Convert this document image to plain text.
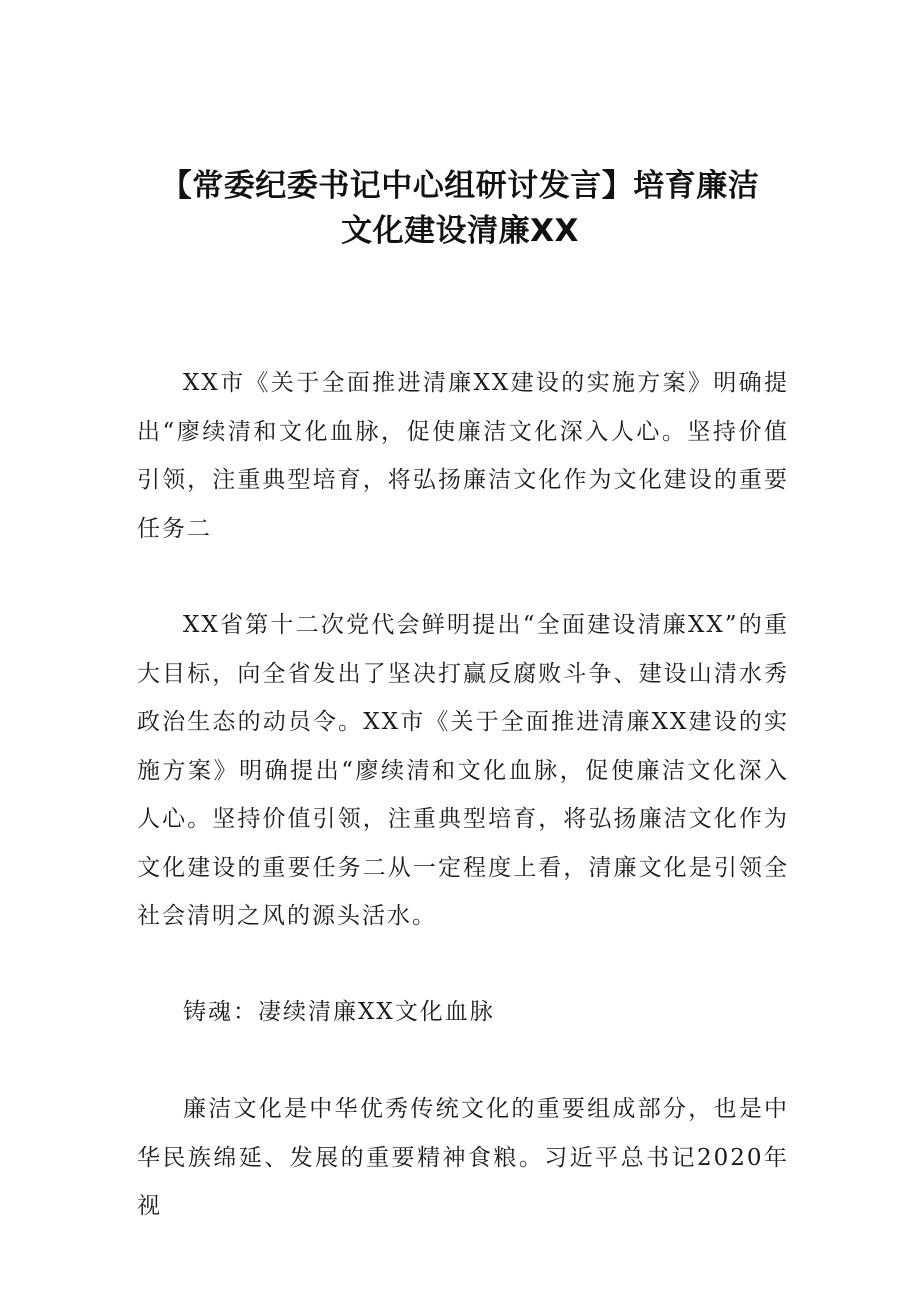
【常委纪委书记中心组研讨发言】培育廉洁
文化建设清廉XX

XX市《关于全面推进清廉XX建设的实施方案》明确提出“廖续清和文化血脉，促使廉洁文化深入人心。坚持价值引领，注重典型培育，将弘扬廉洁文化作为文化建设的重要任务二

XX省第十二次党代会鲜明提出“全面建设清廉XX”的重大目标，向全省发出了坚决打赢反腐败斗争、建设山清水秀政治生态的动员令。XX市《关于全面推进清廉XX建设的实施方案》明确提出“廖续清和文化血脉，促使廉洁文化深入人心。坚持价值引领，注重典型培育，将弘扬廉洁文化作为文化建设的重要任务二从一定程度上看，清廉文化是引领全社会清明之风的源头活水。

铸魂：凄续清廉XX文化血脉

廉洁文化是中华优秀传统文化的重要组成部分，也是中华民族绵延、发展的重要精神食粮。习近平总书记2020年视
